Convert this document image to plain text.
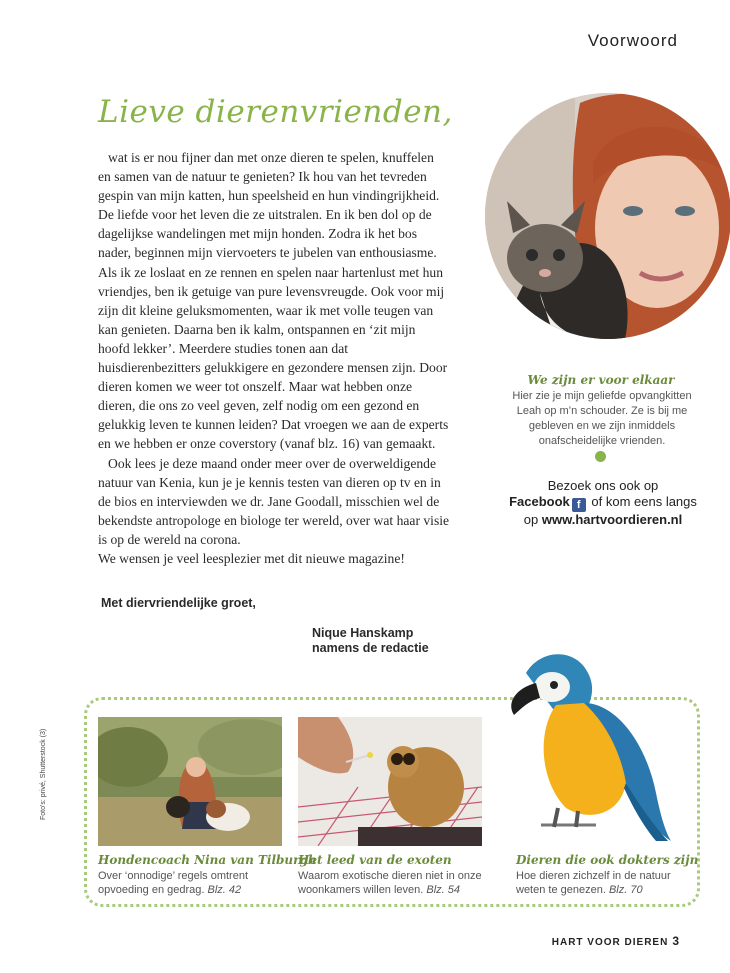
Voorwoord
Lieve dierenvrienden,

wat is er nou fijner dan met onze dieren te spelen, knuffelen en samen van de natuur te genieten? Ik hou van het tevreden gespin van mijn katten, hun speelsheid en hun vindingrijkheid. De liefde voor het leven die ze uitstralen. En ik ben dol op de dagelijkse wandelingen met mijn honden. Zodra ik het bos nader, beginnen mijn viervoeters te jubelen van enthousiasme. Als ik ze loslaat en ze rennen en spelen naar hartenlust met hun vriendjes, ben ik getuige van pure levensvreugde. Ook voor mij zijn dit kleine geluksmomenten, waar ik met volle teugen van kan genieten. Daarna ben ik kalm, ontspannen en ‘zit mijn hoofd lekker’. Meerdere studies tonen aan dat huisdierenbezitters gelukkigere en gezondere mensen zijn. Door dieren komen we weer tot onszelf. Maar wat hebben onze dieren, die ons zo veel geven, zelf nodig om een gezond en gelukkig leven te kunnen leiden? Dat vroegen we aan de experts en we hebben er onze coverstory (vanaf blz. 16) van gemaakt.

Ook lees je deze maand onder meer over de overweldigende natuur van Kenia, kun je je kennis testen van dieren op tv en in de bios en interviewden we dr. Jane Goodall, misschien wel de bekendste antropologe en biologe ter wereld, over wat haar visie is op de wereld na corona.

We wensen je veel leesplezier met dit nieuwe magazine!

Met diervriendelijke groet,
Nique Hanskamp
namens de redactie
We zijn er voor elkaar
Hier zie je mijn geliefde opvangkitten Leah op m’n schouder. Ze is bij me gebleven en we zijn inmiddels onafscheidelijke vrienden.
Bezoek ons ook op
Facebook f of kom eens langs
op www.hartvoordieren.nl
Hondencoach Nina van Tilburgh
Over ‘onnodige’ regels omtrent opvoeding en gedrag. Blz. 42
Het leed van de exoten
Waarom exotische dieren niet in onze woonkamers willen leven. Blz. 54
Dieren die ook dokters zijn
Hoe dieren zichzelf in de natuur weten te genezen. Blz. 70
Foto's: privé, Shutterstock (3)
HART VOOR DIEREN 3
